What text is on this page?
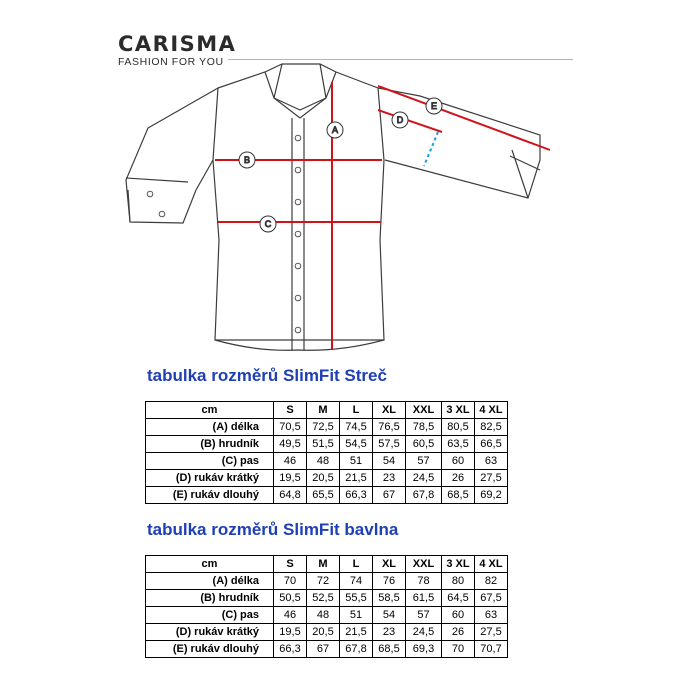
CARISMA
FASHION FOR YOU
A
B
C
D
E
tabulka rozměrů SlimFit Streč
cm	S	M	L	XL	XXL	3 XL	4 XL
(A) délka	70,5	72,5	74,5	76,5	78,5	80,5	82,5
(B) hrudník	49,5	51,5	54,5	57,5	60,5	63,5	66,5
(C) pas	46	48	51	54	57	60	63
(D) rukáv krátký	19,5	20,5	21,5	23	24,5	26	27,5
(E) rukáv dlouhý	64,8	65,5	66,3	67	67,8	68,5	69,2
tabulka rozměrů SlimFit bavlna
cm	S	M	L	XL	XXL	3 XL	4 XL
(A) délka	70	72	74	76	78	80	82
(B) hrudník	50,5	52,5	55,5	58,5	61,5	64,5	67,5
(C) pas	46	48	51	54	57	60	63
(D) rukáv krátký	19,5	20,5	21,5	23	24,5	26	27,5
(E) rukáv dlouhý	66,3	67	67,8	68,5	69,3	70	70,7
